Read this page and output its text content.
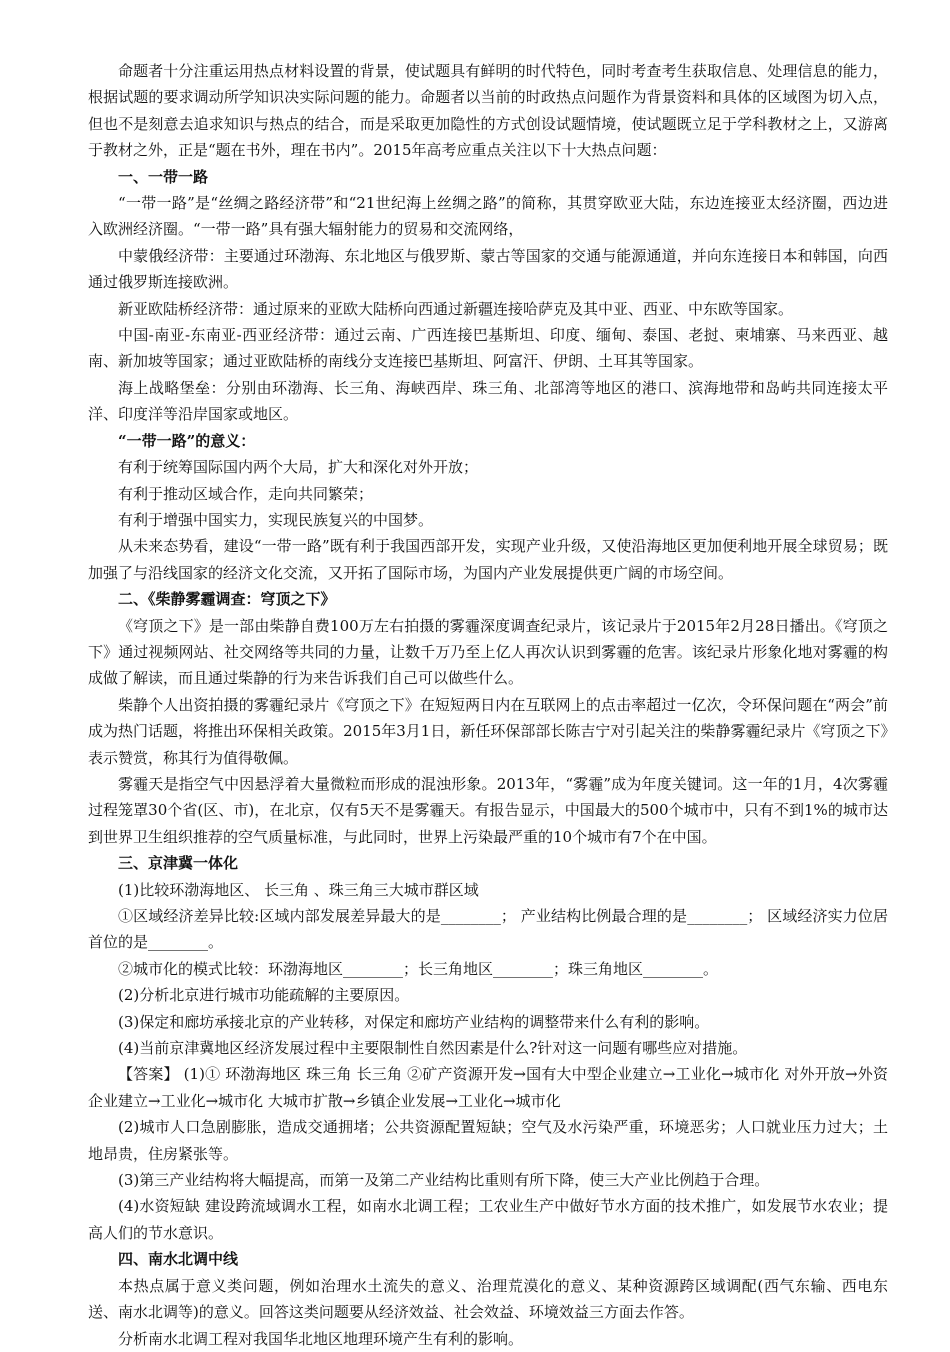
命题者十分注重运用热点材料设置的背景，使试题具有鲜明的时代特色，同时考查考生获取信息、处理信息的能力，根据试题的要求调动所学知识决实际问题的能力。命题者以当前的时政热点问题作为背景资料和具体的区域图为切入点，但也不是刻意去追求知识与热点的结合，而是采取更加隐性的方式创设试题情境，使试题既立足于学科教材之上，又游离于教材之外，正是“题在书外，理在书内”。2015年高考应重点关注以下十大热点问题：

一、一带一路

“一带一路”是“丝绸之路经济带”和“21世纪海上丝绸之路”的简称，其贯穿欧亚大陆，东边连接亚太经济圈，西边进入欧洲经济圈。“一带一路”具有强大辐射能力的贸易和交流网络，

中蒙俄经济带：主要通过环渤海、东北地区与俄罗斯、蒙古等国家的交通与能源通道，并向东连接日本和韩国，向西通过俄罗斯连接欧洲。

新亚欧陆桥经济带：通过原来的亚欧大陆桥向西通过新疆连接哈萨克及其中亚、西亚、中东欧等国家。

中国-南亚-东南亚-西亚经济带：通过云南、广西连接巴基斯坦、印度、缅甸、泰国、老挝、柬埔寨、马来西亚、越南、新加坡等国家；通过亚欧陆桥的南线分支连接巴基斯坦、阿富汗、伊朗、土耳其等国家。

海上战略堡垒：分别由环渤海、长三角、海峡西岸、珠三角、北部湾等地区的港口、滨海地带和岛屿共同连接太平洋、印度洋等沿岸国家或地区。

“一带一路”的意义：

有利于统筹国际国内两个大局，扩大和深化对外开放；

有利于推动区域合作，走向共同繁荣；

有利于增强中国实力，实现民族复兴的中国梦。

从未来态势看，建设“一带一路”既有利于我国西部开发，实现产业升级，又使沿海地区更加便利地开展全球贸易；既加强了与沿线国家的经济文化交流，又开拓了国际市场，为国内产业发展提供更广阔的市场空间。

二、《柴静雾霾调查：穹顶之下》

《穹顶之下》是一部由柴静自费100万左右拍摄的雾霾深度调查纪录片，该记录片于2015年2月28日播出。《穹顶之下》通过视频网站、社交网络等共同的力量，让数千万乃至上亿人再次认识到雾霾的危害。该纪录片形象化地对雾霾的构成做了解读，而且通过柴静的行为来告诉我们自己可以做些什么。

柴静个人出资拍摄的雾霾纪录片《穹顶之下》在短短两日内在互联网上的点击率超过一亿次，令环保问题在“两会”前成为热门话题，将推出环保相关政策。2015年3月1日，新任环保部部长陈吉宁对引起关注的柴静雾霾纪录片《穹顶之下》表示赞赏，称其行为值得敬佩。

雾霾天是指空气中因悬浮着大量微粒而形成的混浊形象。2013年，“雾霾”成为年度关键词。这一年的1月，4次雾霾过程笼罩30个省(区、市)，在北京，仅有5天不是雾霾天。有报告显示，中国最大的500个城市中，只有不到1%的城市达到世界卫生组织推荐的空气质量标准，与此同时，世界上污染最严重的10个城市有7个在中国。

三、京津冀一体化

(1)比较环渤海地区、 长三角 、珠三角三大城市群区域

①区域经济差异比较:区域内部发展差异最大的是________； 产业结构比例最合理的是________； 区域经济实力位居首位的是________。

②城市化的模式比较：环渤海地区________；长三角地区________；珠三角地区________。

(2)分析北京进行城市功能疏解的主要原因。

(3)保定和廊坊承接北京的产业转移，对保定和廊坊产业结构的调整带来什么有利的影响。

(4)当前京津冀地区经济发展过程中主要限制性自然因素是什么?针对这一问题有哪些应对措施。

【答案】 (1)① 环渤海地区 珠三角 长三角 ②矿产资源开发→国有大中型企业建立→工业化→城市化 对外开放→外资企业建立→工业化→城市化 大城市扩散→乡镇企业发展→工业化→城市化

(2)城市人口急剧膨胀，造成交通拥堵；公共资源配置短缺；空气及水污染严重，环境恶劣；人口就业压力过大；土地昂贵，住房紧张等。

(3)第三产业结构将大幅提高，而第一及第二产业结构比重则有所下降，使三大产业比例趋于合理。

(4)水资短缺 建设跨流域调水工程，如南水北调工程；工农业生产中做好节水方面的技术推广，如发展节水农业；提高人们的节水意识。

四、南水北调中线

本热点属于意义类问题，例如治理水土流失的意义、治理荒漠化的意义、某种资源跨区域调配(西气东输、西电东送、南水北调等)的意义。回答这类问题要从经济效益、社会效益、环境效益三方面去作答。

分析南水北调工程对我国华北地区地理环境产生有利的影响。
